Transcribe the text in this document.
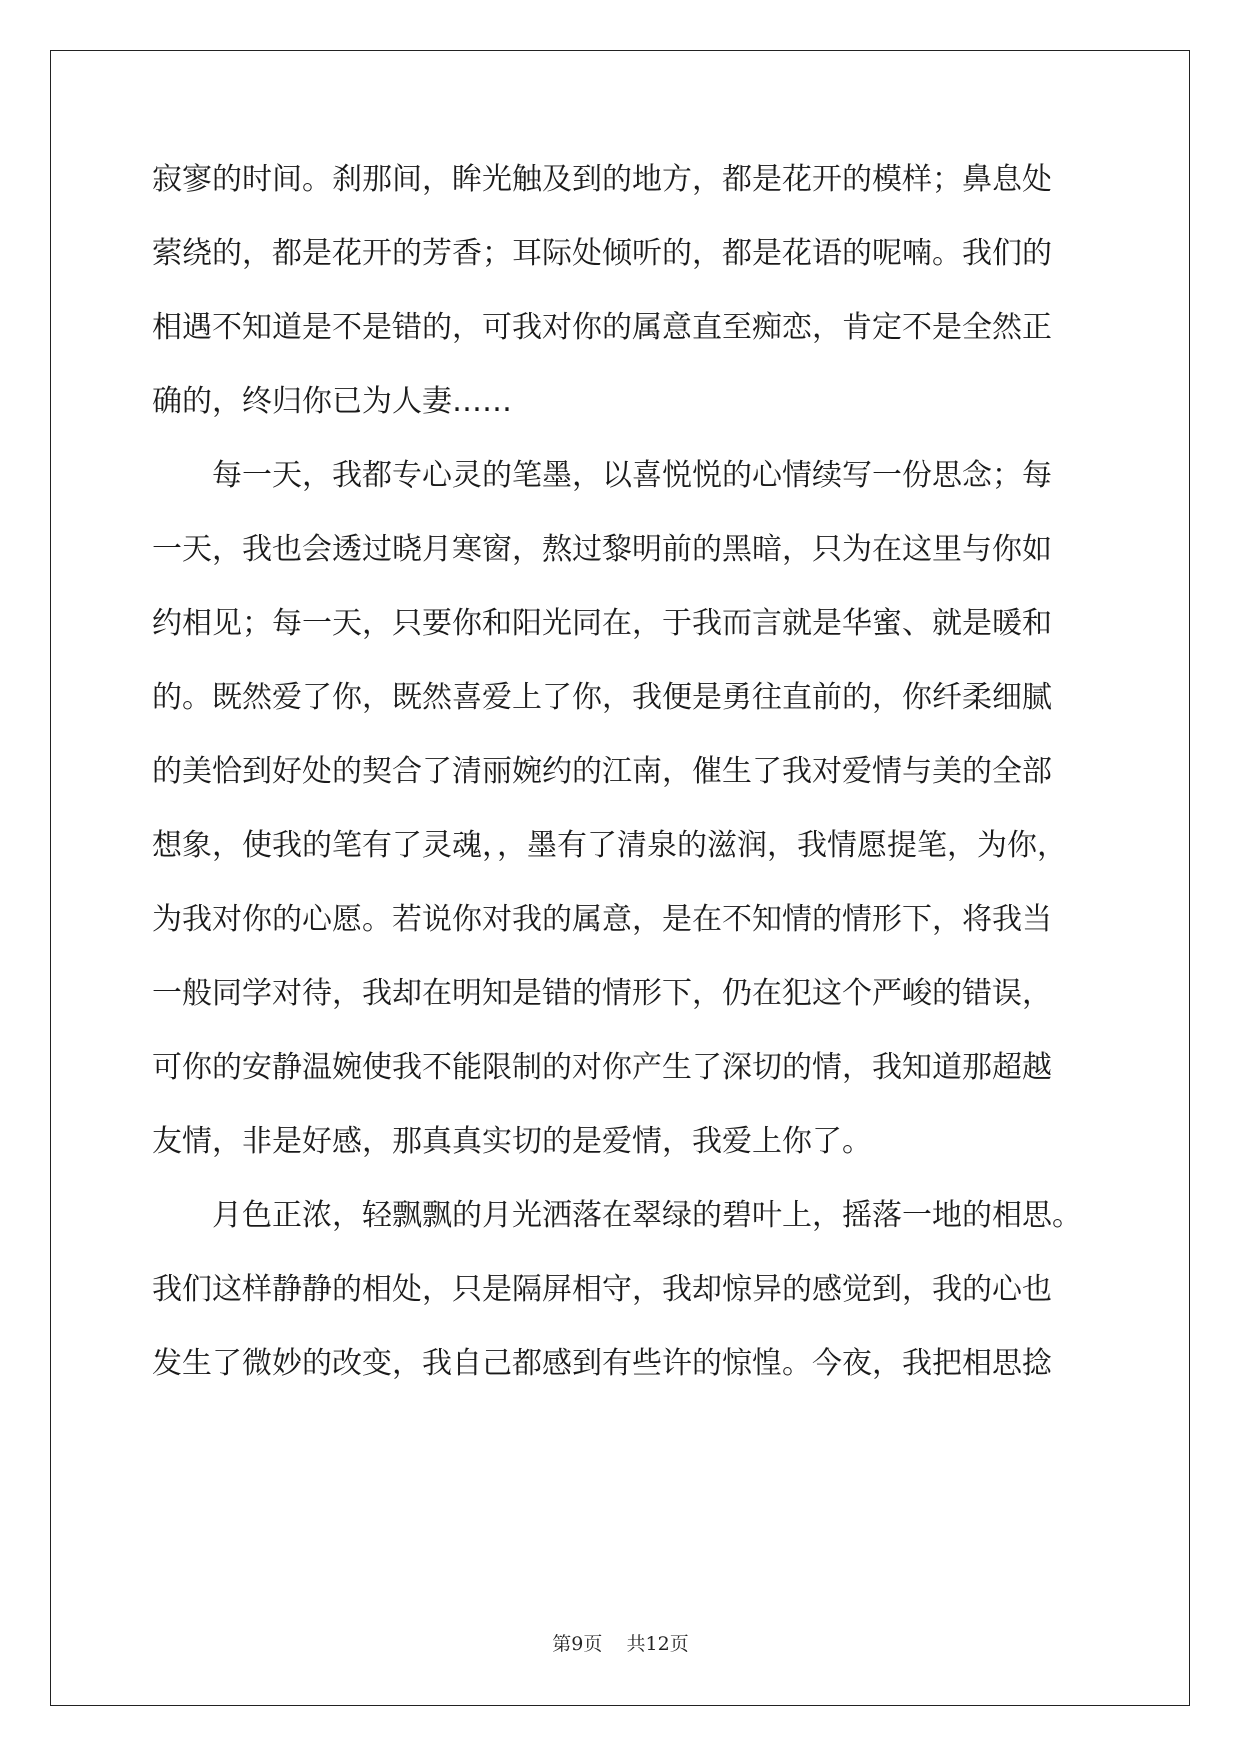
寂寥的时间。刹那间，眸光触及到的地方，都是花开的模样；鼻息处
萦绕的，都是花开的芳香；耳际处倾听的，都是花语的呢喃。我们的
相遇不知道是不是错的，可我对你的属意直至痴恋，肯定不是全然正
确的，终归你已为人妻……
　　每一天，我都专心灵的笔墨，以喜悦悦的心情续写一份思念；每
一天，我也会透过晓月寒窗，熬过黎明前的黑暗，只为在这里与你如
约相见；每一天，只要你和阳光同在，于我而言就是华蜜、就是暖和
的。既然爱了你，既然喜爱上了你，我便是勇往直前的，你纤柔细腻
的美恰到好处的契合了清丽婉约的江南，催生了我对爱情与美的全部
想象，使我的笔有了灵魂，，墨有了清泉的滋润，我情愿提笔，为你，
为我对你的心愿。若说你对我的属意，是在不知情的情形下，将我当
一般同学对待，我却在明知是错的情形下，仍在犯这个严峻的错误，
可你的安静温婉使我不能限制的对你产生了深切的情，我知道那超越
友情，非是好感，那真真实切的是爱情，我爱上你了。
　　月色正浓，轻飘飘的月光洒落在翠绿的碧叶上，摇落一地的相思。
我们这样静静的相处，只是隔屏相守，我却惊异的感觉到，我的心也
发生了微妙的改变，我自己都感到有些许的惊惶。今夜，我把相思捻
第9页 共12页
